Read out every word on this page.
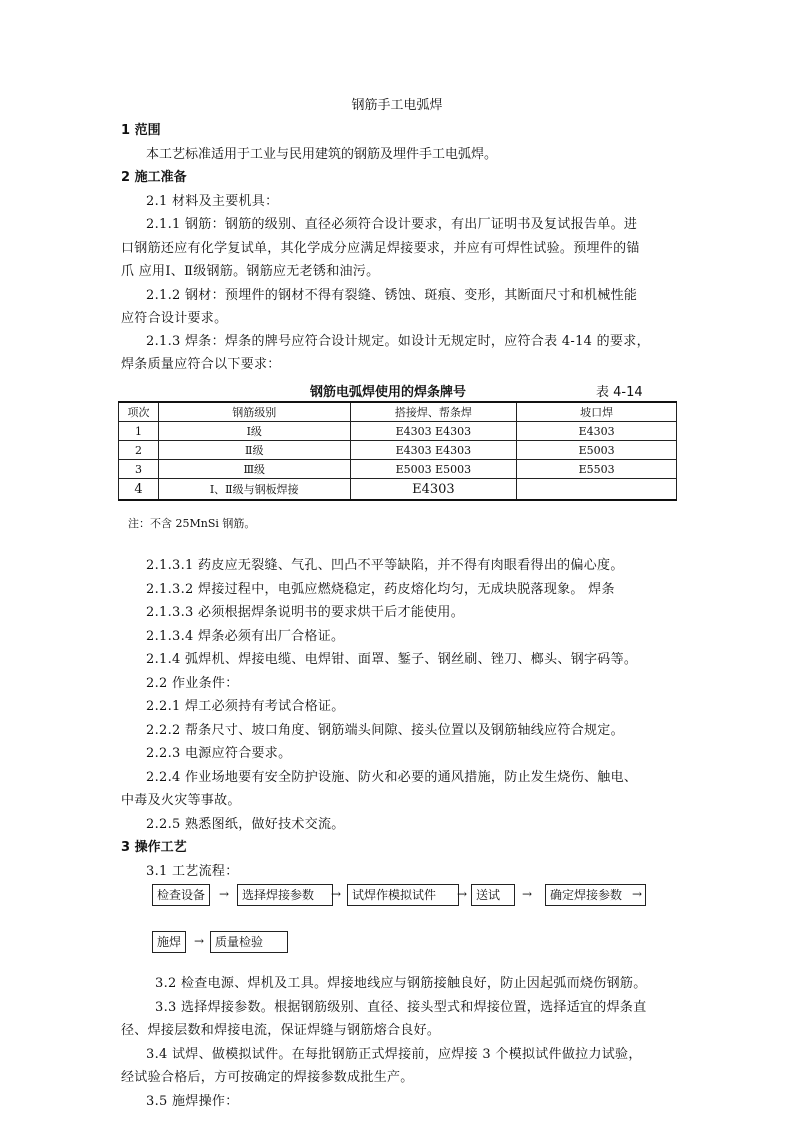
钢筋手工电弧焊
1 范围
本工艺标准适用于工业与民用建筑的钢筋及埋件手工电弧焊。
2 施工准备
2.1 材料及主要机具：
2.1.1 钢筋：钢筋的级别、直径必须符合设计要求，有出厂证明书及复试报告单。进
口钢筋还应有化学复试单，其化学成分应满足焊接要求，并应有可焊性试验。预埋件的锚
爪 应用Ⅰ、Ⅱ级钢筋。钢筋应无老锈和油污。
2.1.2 钢材：预埋件的钢材不得有裂缝、锈蚀、斑痕、变形，其断面尺寸和机械性能
应符合设计要求。
2.1.3 焊条：焊条的牌号应符合设计规定。如设计无规定时，应符合表 4-14 的要求，
焊条质量应符合以下要求：
钢筋电弧焊使用的焊条牌号	表 4-14
项次	钢筋级别	搭接焊、帮条焊	坡口焊
1	Ⅰ级	E4303 E4303	E4303
2	Ⅱ级	E4303 E4303	E5003
3	Ⅲ级	E5003 E5003	E5503
4	Ⅰ、Ⅱ级与钢板焊接	E4303	
注：不含 25MnSi 钢筋。
2.1.3.1 药皮应无裂缝、气孔、凹凸不平等缺陷，并不得有肉眼看得出的偏心度。
2.1.3.2 焊接过程中，电弧应燃烧稳定，药皮熔化均匀，无成块脱落现象。 焊条
2.1.3.3 必须根据焊条说明书的要求烘干后才能使用。
2.1.3.4 焊条必须有出厂合格证。
2.1.4 弧焊机、焊接电缆、电焊钳、面罩、錾子、钢丝刷、锉刀、榔头、钢字码等。
2.2 作业条件：
2.2.1 焊工必须持有考试合格证。
2.2.2 帮条尺寸、坡口角度、钢筋端头间隙、接头位置以及钢筋轴线应符合规定。
2.2.3 电源应符合要求。
2.2.4 作业场地要有安全防护设施、防火和必要的通风措施，防止发生烧伤、触电、
中毒及火灾等事故。
2.2.5 熟悉图纸，做好技术交流。
3 操作工艺
3.1 工艺流程：
检查设备	→	选择焊接参数	→ 试焊作模拟试件	→ 送试	→	确定焊接参数 →
施焊	→ 质量检验
3.2 检查电源、焊机及工具。焊接地线应与钢筋接触良好，防止因起弧而烧伤钢筋。
3.3 选择焊接参数。根据钢筋级别、直径、接头型式和焊接位置，选择适宜的焊条直
径、焊接层数和焊接电流，保证焊缝与钢筋熔合良好。
3.4 试焊、做模拟试件。在每批钢筋正式焊接前，应焊接 3 个模拟试件做拉力试验，
经试验合格后，方可按确定的焊接参数成批生产。
3.5 施焊操作：
